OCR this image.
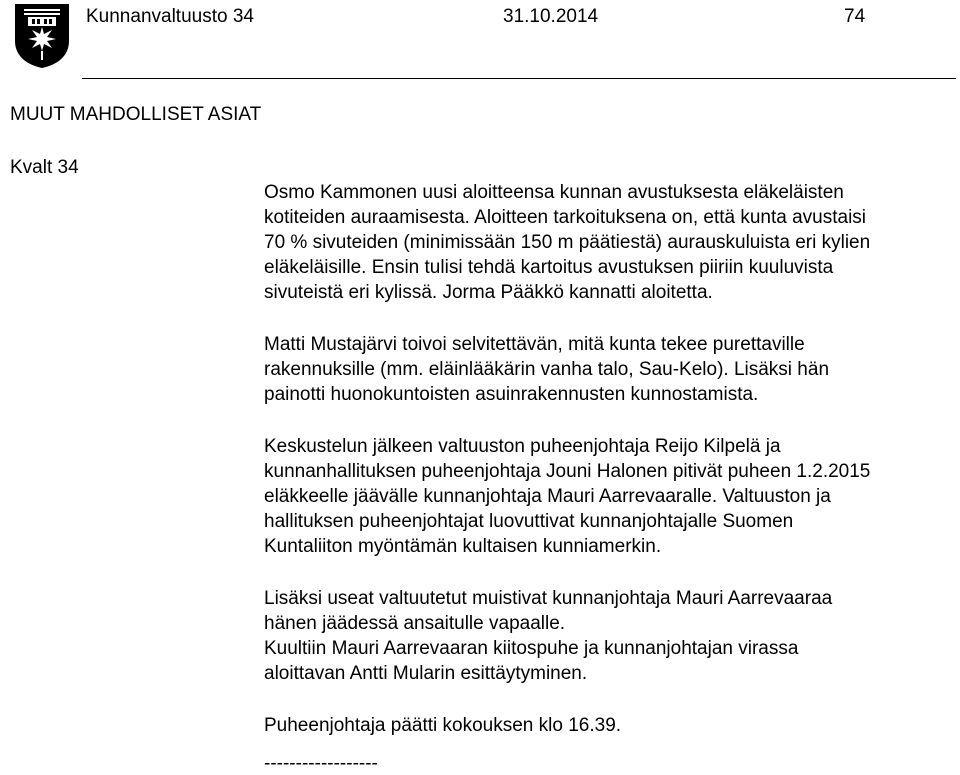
Kunnanvaltuusto 34	31.10.2014	74
MUUT MAHDOLLISET ASIAT
Kvalt 34

Osmo Kammonen uusi aloitteensa kunnan avustuksesta eläkeläisten
kotiteiden auraamisesta. Aloitteen tarkoituksena on, että kunta avustaisi
70 % sivuteiden (minimissään 150 m päätiestä) aurauskuluista eri kylien
eläkeläisille. Ensin tulisi tehdä kartoitus avustuksen piiriin kuuluvista
sivuteistä eri kylissä. Jorma Pääkkö kannatti aloitetta.

Matti Mustajärvi toivoi selvitettävän, mitä kunta tekee purettaville
rakennuksille (mm. eläinlääkärin vanha talo, Sau-Kelo). Lisäksi hän
painotti huonokuntoisten asuinrakennusten kunnostamista.

Keskustelun jälkeen valtuuston puheenjohtaja Reijo Kilpelä ja
kunnanhallituksen puheenjohtaja Jouni Halonen pitivät puheen 1.2.2015
eläkkeelle jäävälle kunnanjohtaja Mauri Aarrevaaralle. Valtuuston ja
hallituksen puheenjohtajat luovuttivat kunnanjohtajalle Suomen
Kuntaliiton myöntämän kultaisen kunniamerkin.

Lisäksi useat valtuutetut muistivat kunnanjohtaja Mauri Aarrevaaraa
hänen jäädessä ansaitulle vapaalle.

Kuultiin Mauri Aarrevaaran kiitospuhe ja kunnanjohtajan virassa
aloittavan Antti Mularin esittäytyminen.

Puheenjohtaja päätti kokouksen klo 16.39.

------------------
